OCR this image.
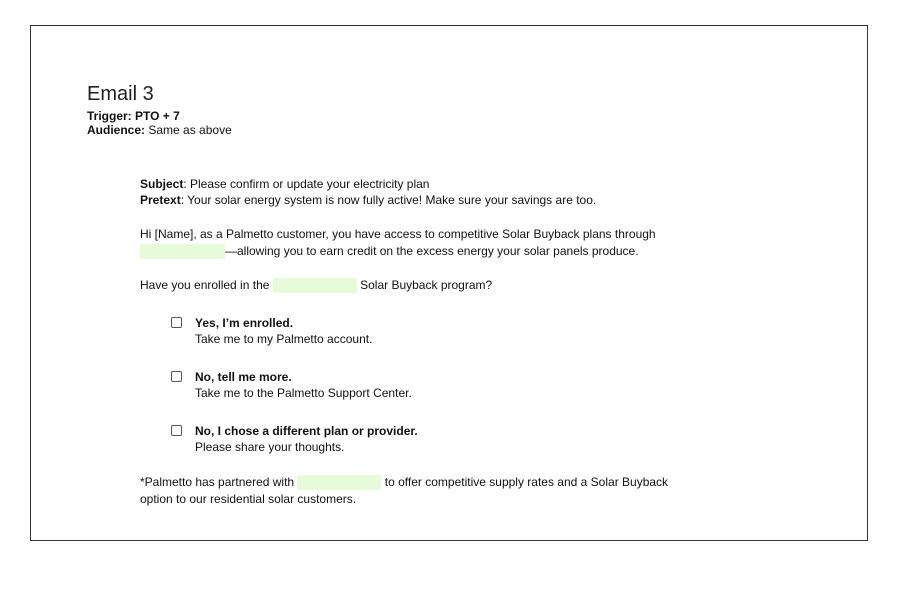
Email 3
Trigger: PTO + 7
Audience: Same as above
Subject: Please confirm or update your electricity plan
Pretext: Your solar energy system is now fully active! Make sure your savings are too.
Hi [Name], as a Palmetto customer, you have access to competitive Solar Buyback plans through
—allowing you to earn credit on the excess energy your solar panels produce.
Have you enrolled in the	Solar Buyback program?
Yes, I’m enrolled.
Take me to my Palmetto account.
No, tell me more.
Take me to the Palmetto Support Center.
No, I chose a different plan or provider.
Please share your thoughts.
*Palmetto has partnered with	to offer competitive supply rates and a Solar Buyback
option to our residential solar customers.
